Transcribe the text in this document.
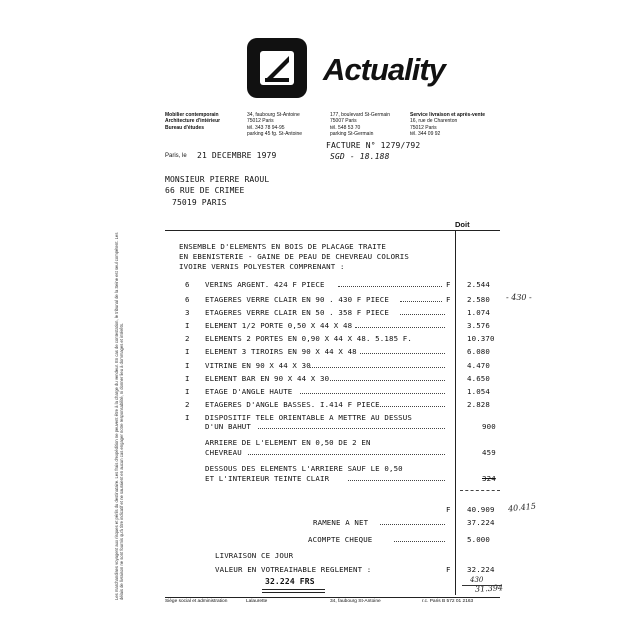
Actuality
Mobilier contemporain
Architecture d'intérieur
Bureau d'études
34, faubourg St-Antoine
75012 Paris
tél. 343 78 94-95
parking 45 fg. St-Antoine
177, boulevard St-Germain
75007 Paris
tél. 548 53 70
parking St-Germain
Service livraison et après-vente
16, rue de Charenton
75012 Paris
tél. 344 09 92
FACTURE N° 1279/792
SGD - 18.188
Paris, le 21 DECEMBRE 1979
MONSIEUR PIERRE RAOUL
66 RUE DE CRIMEE
75019 PARIS
Doit
ENSEMBLE D'ELEMENTS EN BOIS DE PLACAGE TRAITE
EN EBENISTERIE - GAINE DE PEAU DE CHEVREAU COLORIS
IVOIRE VERNIS POLYESTER COMPRENANT :
6 VERINS ARGENT. 424 F PIECE	F 2.544
6 ETAGERES VERRE CLAIR EN 90 . 430 F PIECE	F 2.580
3 ETAGERES VERRE CLAIR EN 50 . 358 F PIECE	1.074
I ELEMENT 1/2 PORTE 0,50 X 44 X 48	3.576
2 ELEMENTS 2 PORTES EN 0,90 X 44 X 48. 5.185 F.	10.370
I ELEMENT 3 TIROIRS EN 90 X 44 X 48	6.080
I VITRINE EN 90 X 44 X 30	4.470
I ELEMENT BAR EN 90 X 44 X 30	4.650
I ETAGE D'ANGLE HAUTE	1.054
2 ETAGERES D'ANGLE BASSES. I.414 F PIECE	2.828
I DISPOSITIF TELE ORIENTABLE A METTRE AU DESSUS
D'UN BAHUT	900
ARRIERE DE L'ELEMENT EN 0,50 DE 2 EN
CHEVREAU	459
DESSOUS DES ELEMENTS L'ARRIERE SAUF LE 0,50
ET L'INTERIEUR TEINTE CLAIR	324
F 40.909
RAMENE A NET	37.224
ACOMPTE CHEQUE	5.000
LIVRAISON CE JOUR
VALEUR EN VOTREAIHABLE REGLEMENT :	F 32.224
32.224 FRS
- 430 -
40.415
430
31.394
Siège social et administration	Lalaurette	34, faubourg St-Antoine	r.c. Paris B 572 01 2163
Les marchandises voyagent aux risques et périls du destinataire. Les frais d'expédition ne peuvent être à la charge du vendeur. En cas de contestation, le tribunal de la Seine est seul compétent. Les délais de livraison ne sont fournis qu'à titre indicatif et ne sauraient en aucun cas engager notre responsabilité, ni donner lieu à dommages et intérêts.
